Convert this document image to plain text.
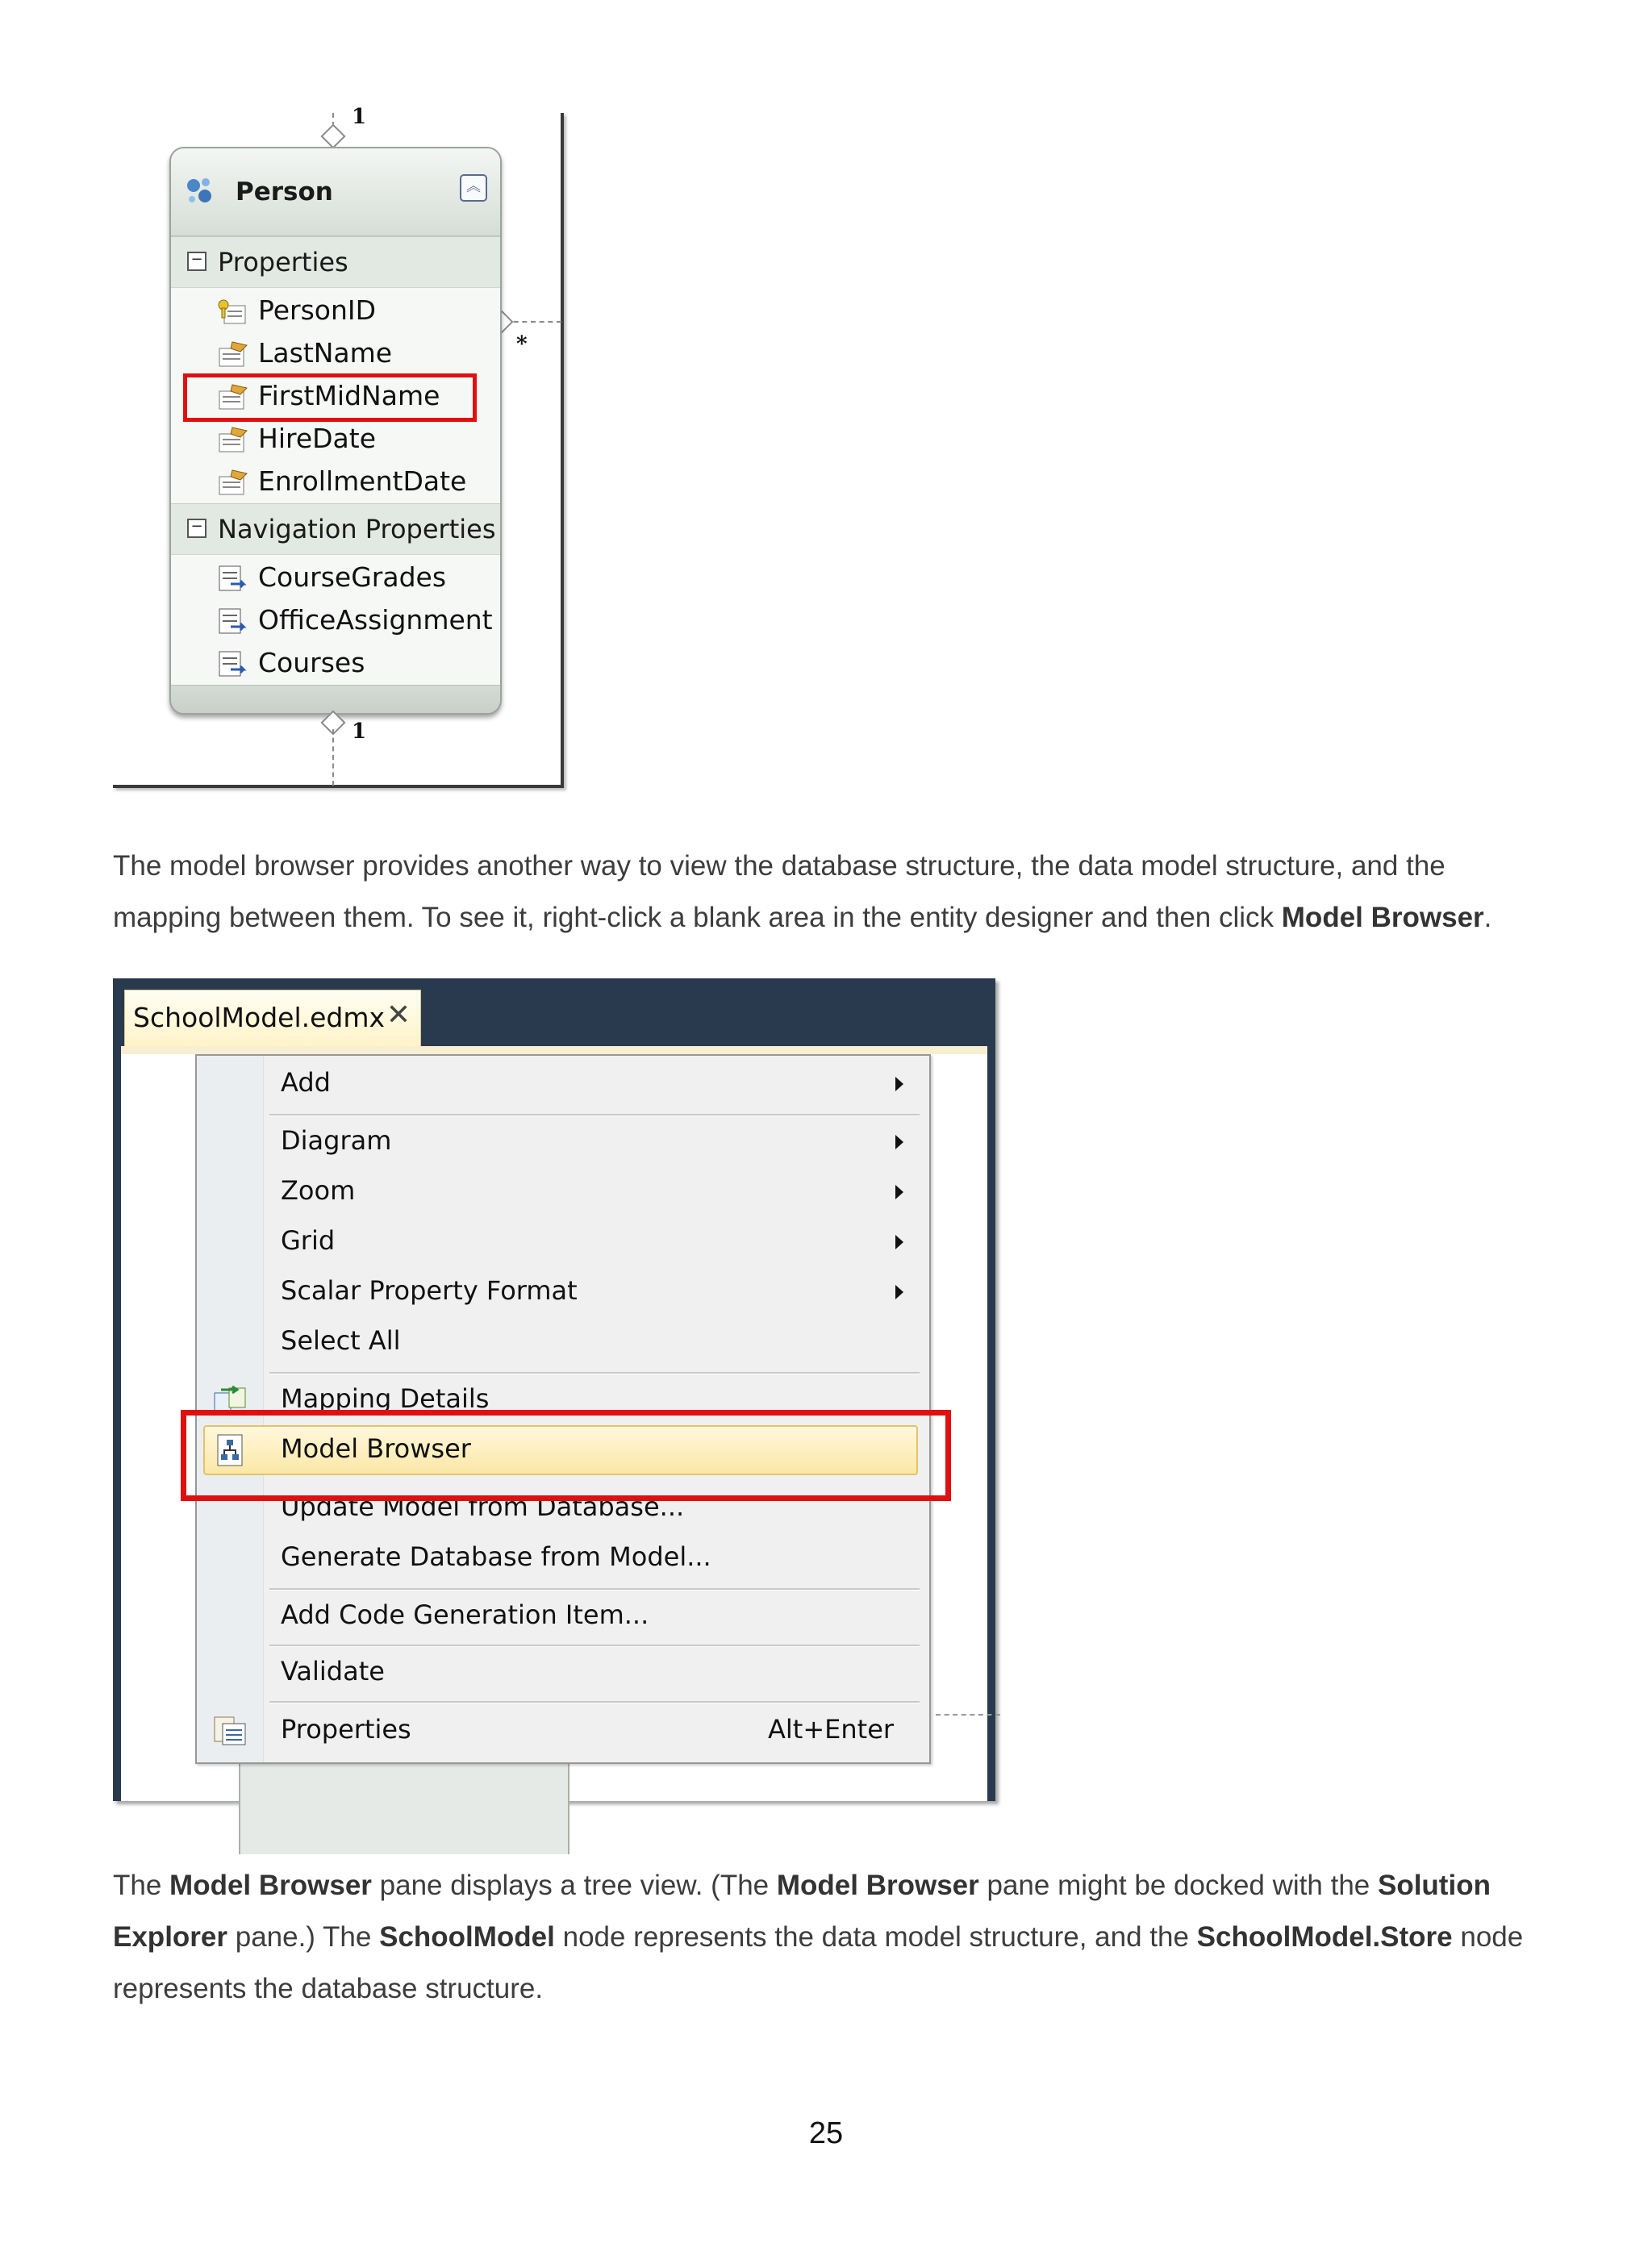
1
*
Person	︽
− Properties
PersonID
LastName
FirstMidName
HireDate
EnrollmentDate
− Navigation Properties
CourseGrades
OfficeAssignment
Courses
1

The model browser provides another way to view the database structure, the data model structure, and the mapping between them. To see it, right-click a blank area in the entity designer and then click Model Browser.

SchoolModel.edmx ✕
Add
Diagram
Zoom
Grid
Scalar Property Format
Select All
Mapping Details
Model Browser
Update Model from Database...
Generate Database from Model...
Add Code Generation Item...
Validate
Properties	Alt+Enter

The Model Browser pane displays a tree view. (The Model Browser pane might be docked with the Solution Explorer pane.) The SchoolModel node represents the data model structure, and the SchoolModel.Store node represents the database structure.

25
